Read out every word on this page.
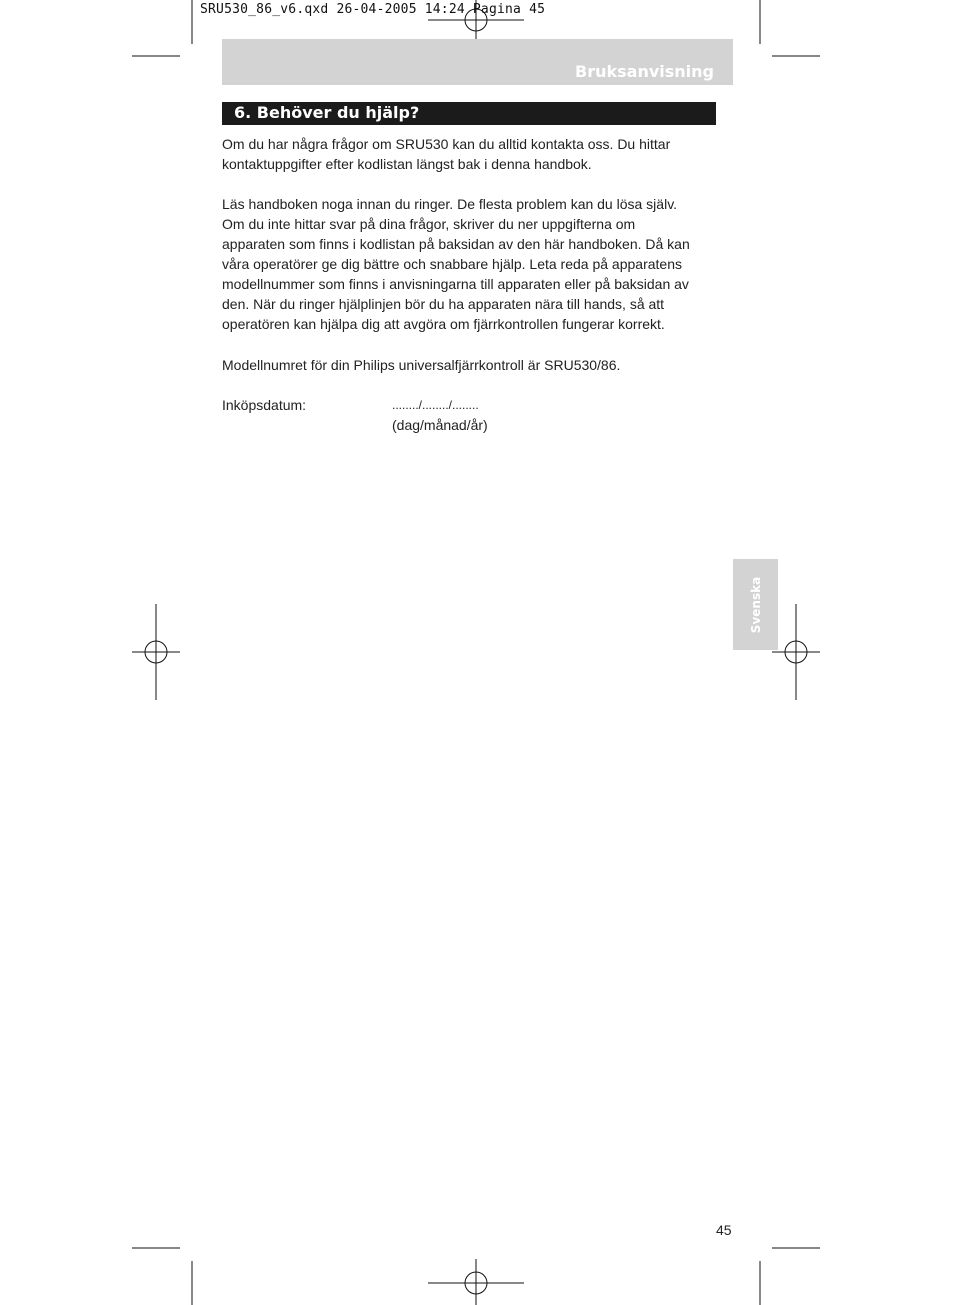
SRU530_86_v6.qxd 26-04-2005 14:24 Pagina 45
Bruksanvisning
6. Behöver du hjälp?

Om du har några frågor om SRU530 kan du alltid kontakta oss. Du hittar kontaktuppgifter efter kodlistan längst bak i denna handbok.

Läs handboken noga innan du ringer. De flesta problem kan du lösa själv. Om du inte hittar svar på dina frågor, skriver du ner uppgifterna om apparaten som finns i kodlistan på baksidan av den här handboken. Då kan våra operatörer ge dig bättre och snabbare hjälp. Leta reda på apparatens modellnummer som finns i anvisningarna till apparaten eller på baksidan av den. När du ringer hjälplinjen bör du ha apparaten nära till hands, så att operatören kan hjälpa dig att avgöra om fjärrkontrollen fungerar korrekt.

Modellnumret för din Philips universalfjärrkontroll är SRU530/86.

Inköpsdatum:	......../......../........
(dag/månad/år)
Svenska
45
